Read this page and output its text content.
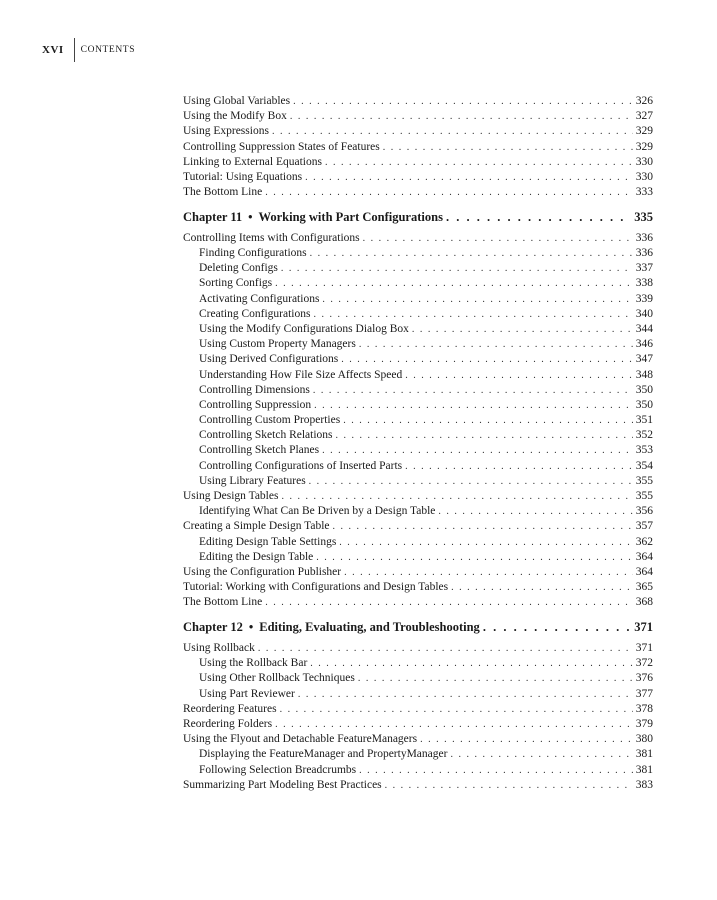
XVI CONTENTS
Using Global Variables . . .	326
Using the Modify Box . . .	327
Using Expressions . . .	329
Controlling Suppression States of Features . . .	329
Linking to External Equations . . .	330
Tutorial: Using Equations . . .	330
The Bottom Line . . .	333
Chapter 11 • Working with Part Configurations . . .	335
Controlling Items with Configurations . . .	336
Finding Configurations . . .	336
Deleting Configs . . .	337
Sorting Configs . . .	338
Activating Configurations . . .	339
Creating Configurations . . .	340
Using the Modify Configurations Dialog Box . . .	344
Using Custom Property Managers . . .	346
Using Derived Configurations . . .	347
Understanding How File Size Affects Speed . . .	348
Controlling Dimensions . . .	350
Controlling Suppression . . .	350
Controlling Custom Properties . . .	351
Controlling Sketch Relations . . .	352
Controlling Sketch Planes . . .	353
Controlling Configurations of Inserted Parts . . .	354
Using Library Features . . .	355
Using Design Tables . . .	355
Identifying What Can Be Driven by a Design Table . . .	356
Creating a Simple Design Table . . .	357
Editing Design Table Settings . . .	362
Editing the Design Table . . .	364
Using the Configuration Publisher . . .	364
Tutorial: Working with Configurations and Design Tables . . .	365
The Bottom Line . . .	368
Chapter 12 • Editing, Evaluating, and Troubleshooting . . .	371
Using Rollback . . .	371
Using the Rollback Bar . . .	372
Using Other Rollback Techniques . . .	376
Using Part Reviewer . . .	377
Reordering Features . . .	378
Reordering Folders . . .	379
Using the Flyout and Detachable FeatureManagers . . .	380
Displaying the FeatureManager and PropertyManager . . .	381
Following Selection Breadcrumbs . . .	381
Summarizing Part Modeling Best Practices . . .	383
